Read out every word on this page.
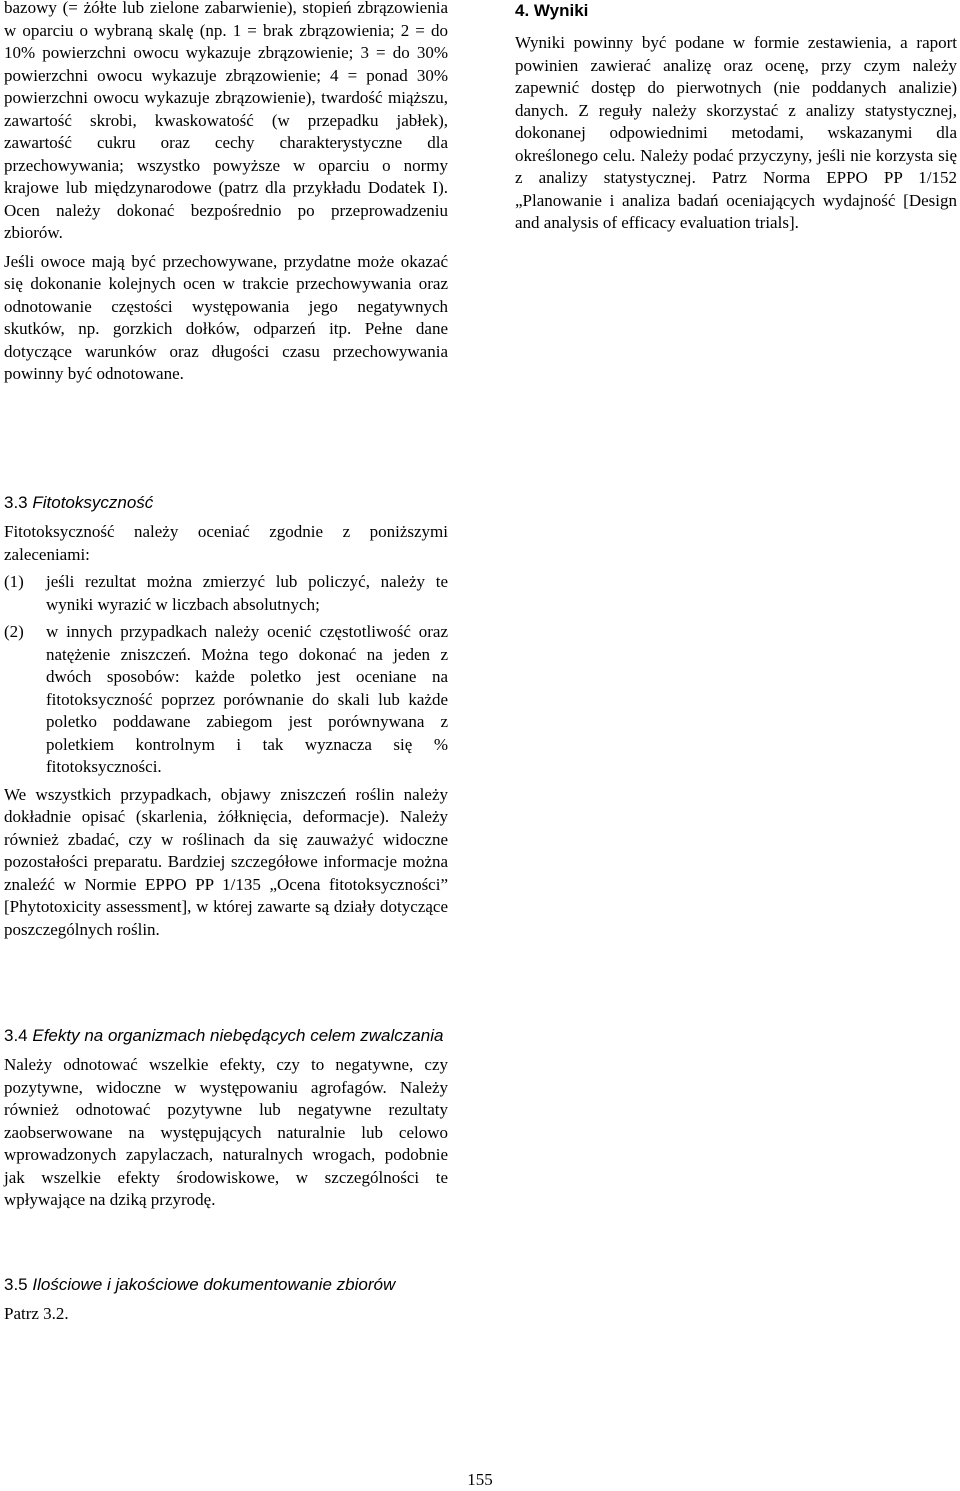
bazowy (= żółte lub zielone zabarwienie), stopień zbrązowienia w oparciu o wybraną skalę (np. 1 = brak zbrązowienia; 2 = do 10% powierzchni owocu wykazuje zbrązowienie; 3 = do 30% powierzchni owocu wykazuje zbrązowienie; 4 = ponad 30% powierzchni owocu wykazuje zbrązowienie), twardość miąższu, zawartość skrobi, kwaskowatość (w przepadku jabłek), zawartość cukru oraz cechy charakterystyczne dla przechowywania; wszystko powyższe w oparciu o normy krajowe lub międzynarodowe (patrz dla przykładu Dodatek I). Ocen należy dokonać bezpośrednio po przeprowadzeniu zbiorów.

Jeśli owoce mają być przechowywane, przydatne może okazać się dokonanie kolejnych ocen w trakcie przechowywania oraz odnotowanie częstości występowania jego negatywnych skutków, np. gorzkich dołków, odparzeń itp. Pełne dane dotyczące warunków oraz długości czasu przechowywania powinny być odnotowane.

3.3 Fitotoksyczność

Fitotoksyczność należy oceniać zgodnie z poniższymi zaleceniami:

(1)	jeśli rezultat można zmierzyć lub policzyć, należy te wyniki wyrazić w liczbach absolutnych;
(2)	w innych przypadkach należy ocenić częstotliwość oraz natężenie zniszczeń. Można tego dokonać na jeden z dwóch sposobów: każde poletko jest oceniane na fitotoksyczność poprzez porównanie do skali lub każde poletko poddawane zabiegom jest porównywana z poletkiem kontrolnym i tak wyznacza się % fitotoksyczności.

We wszystkich przypadkach, objawy zniszczeń roślin należy dokładnie opisać (skarlenia, żółknięcia, deformacje). Należy również zbadać, czy w roślinach da się zauważyć widoczne pozostałości preparatu. Bardziej szczegółowe informacje można znaleźć w Normie EPPO PP 1/135 „Ocena fitotoksyczności” [Phytotoxicity assessment], w której zawarte są działy dotyczące poszczególnych roślin.

3.4 Efekty na organizmach niebędących celem zwalczania

Należy odnotować wszelkie efekty, czy to negatywne, czy pozytywne, widoczne w występowaniu agrofagów. Należy również odnotować pozytywne lub negatywne rezultaty zaobserwowane na występujących naturalnie lub celowo wprowadzonych zapylaczach, naturalnych wrogach, podobnie jak wszelkie efekty środowiskowe, w szczególności te wpływające na dziką przyrodę.

3.5 Ilościowe i jakościowe dokumentowanie zbiorów

Patrz 3.2.

4. Wyniki

Wyniki powinny być podane w formie zestawienia, a raport powinien zawierać analizę oraz ocenę, przy czym należy zapewnić dostęp do pierwotnych (nie poddanych analizie) danych. Z reguły należy skorzystać z analizy statystycznej, dokonanej odpowiednimi metodami, wskazanymi dla określonego celu. Należy podać przyczyny, jeśli nie korzysta się z analizy statystycznej. Patrz Norma EPPO PP 1/152 „Planowanie i analiza badań oceniających wydajność [Design and analysis of efficacy evaluation trials].

155
